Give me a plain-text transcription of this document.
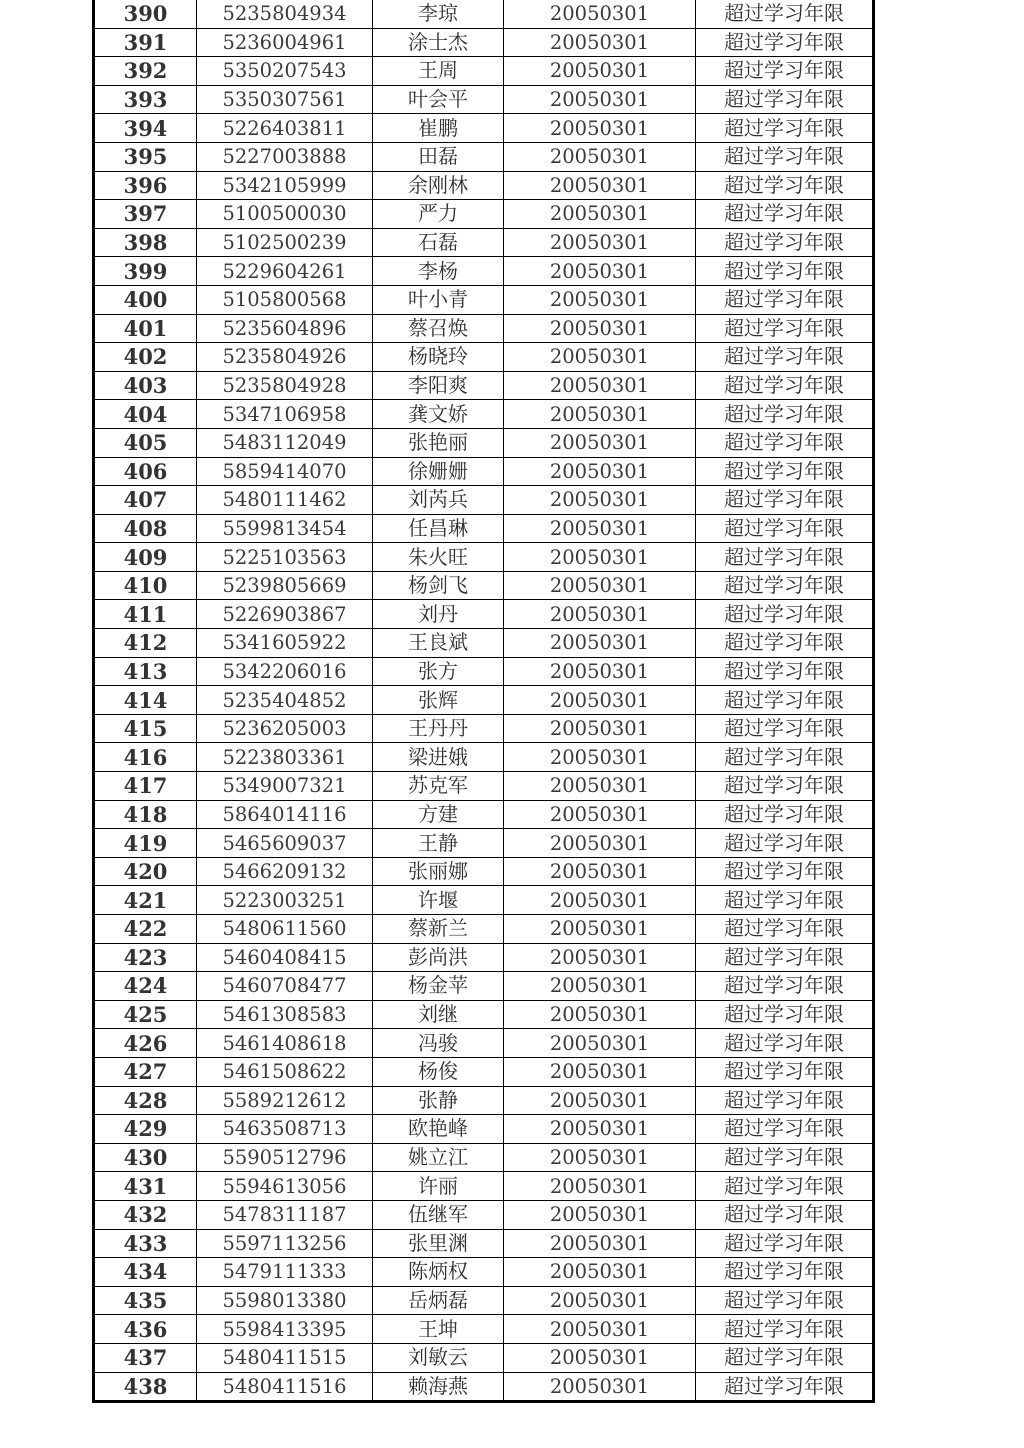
390	5235804934	李琼	20050301	超过学习年限
391	5236004961	涂士杰	20050301	超过学习年限
392	5350207543	王周	20050301	超过学习年限
393	5350307561	叶会平	20050301	超过学习年限
394	5226403811	崔鹏	20050301	超过学习年限
395	5227003888	田磊	20050301	超过学习年限
396	5342105999	余刚林	20050301	超过学习年限
397	5100500030	严力	20050301	超过学习年限
398	5102500239	石磊	20050301	超过学习年限
399	5229604261	李杨	20050301	超过学习年限
400	5105800568	叶小青	20050301	超过学习年限
401	5235604896	蔡召焕	20050301	超过学习年限
402	5235804926	杨晓玲	20050301	超过学习年限
403	5235804928	李阳爽	20050301	超过学习年限
404	5347106958	龚文娇	20050301	超过学习年限
405	5483112049	张艳丽	20050301	超过学习年限
406	5859414070	徐姗姗	20050301	超过学习年限
407	5480111462	刘芮兵	20050301	超过学习年限
408	5599813454	任昌琳	20050301	超过学习年限
409	5225103563	朱火旺	20050301	超过学习年限
410	5239805669	杨剑飞	20050301	超过学习年限
411	5226903867	刘丹	20050301	超过学习年限
412	5341605922	王良斌	20050301	超过学习年限
413	5342206016	张方	20050301	超过学习年限
414	5235404852	张辉	20050301	超过学习年限
415	5236205003	王丹丹	20050301	超过学习年限
416	5223803361	梁进娥	20050301	超过学习年限
417	5349007321	苏克军	20050301	超过学习年限
418	5864014116	方建	20050301	超过学习年限
419	5465609037	王静	20050301	超过学习年限
420	5466209132	张丽娜	20050301	超过学习年限
421	5223003251	许堰	20050301	超过学习年限
422	5480611560	蔡新兰	20050301	超过学习年限
423	5460408415	彭尚洪	20050301	超过学习年限
424	5460708477	杨金苹	20050301	超过学习年限
425	5461308583	刘继	20050301	超过学习年限
426	5461408618	冯骏	20050301	超过学习年限
427	5461508622	杨俊	20050301	超过学习年限
428	5589212612	张静	20050301	超过学习年限
429	5463508713	欧艳峰	20050301	超过学习年限
430	5590512796	姚立江	20050301	超过学习年限
431	5594613056	许丽	20050301	超过学习年限
432	5478311187	伍继军	20050301	超过学习年限
433	5597113256	张里渊	20050301	超过学习年限
434	5479111333	陈炳权	20050301	超过学习年限
435	5598013380	岳炳磊	20050301	超过学习年限
436	5598413395	王坤	20050301	超过学习年限
437	5480411515	刘敏云	20050301	超过学习年限
438	5480411516	赖海燕	20050301	超过学习年限
